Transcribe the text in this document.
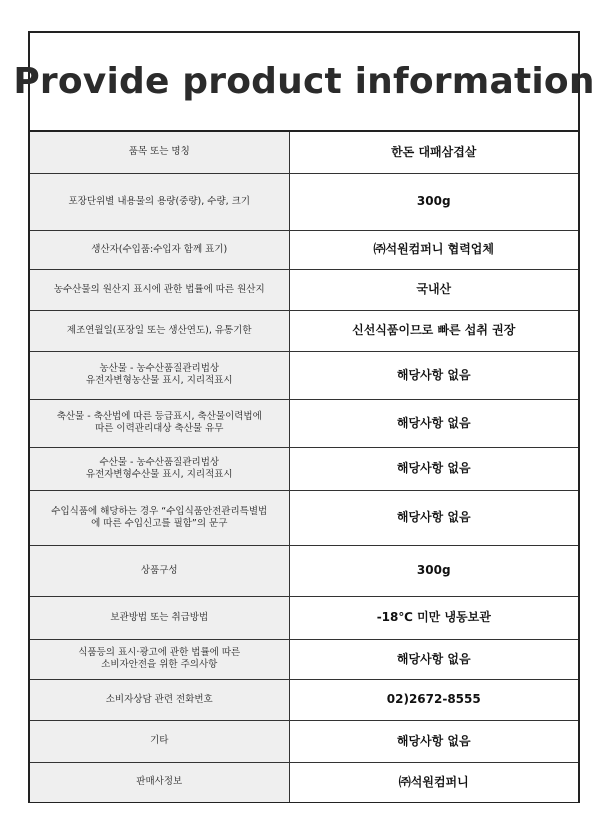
Provide product information
품목 또는 명칭	한돈 대패삼겹살
포장단위별 내용물의 용량(중량), 수량, 크기	300g
생산자(수입품:수입자 함께 표기)	㈜석원컴퍼니 협력업체
농수산물의 원산지 표시에 관한 법률에 따른 원산지	국내산
제조연월일(포장일 또는 생산연도), 유통기한	신선식품이므로 빠른 섭취 권장
농산물 - 농수산품질관리법상
유전자변형농산물 표시, 지리적표시	해당사항 없음
축산물 - 축산법에 따른 등급표시, 축산물이력법에
따른 이력관리대상 축산물 유무	해당사항 없음
수산물 - 농수산품질관리법상
유전자변형수산물 표시, 지리적표시	해당사항 없음
수입식품에 해당하는 경우 “수입식품안전관리특별법
에 따른 수입신고를 필함”의 문구	해당사항 없음
상품구성	300g
보관방법 또는 취급방법	-18℃ 미만 냉동보관
식품등의 표시·광고에 관한 법률에 따른
소비자안전을 위한 주의사항	해당사항 없음
소비자상담 관련 전화번호	02)2672-8555
기타	해당사항 없음
판매사정보	㈜석원컴퍼니
